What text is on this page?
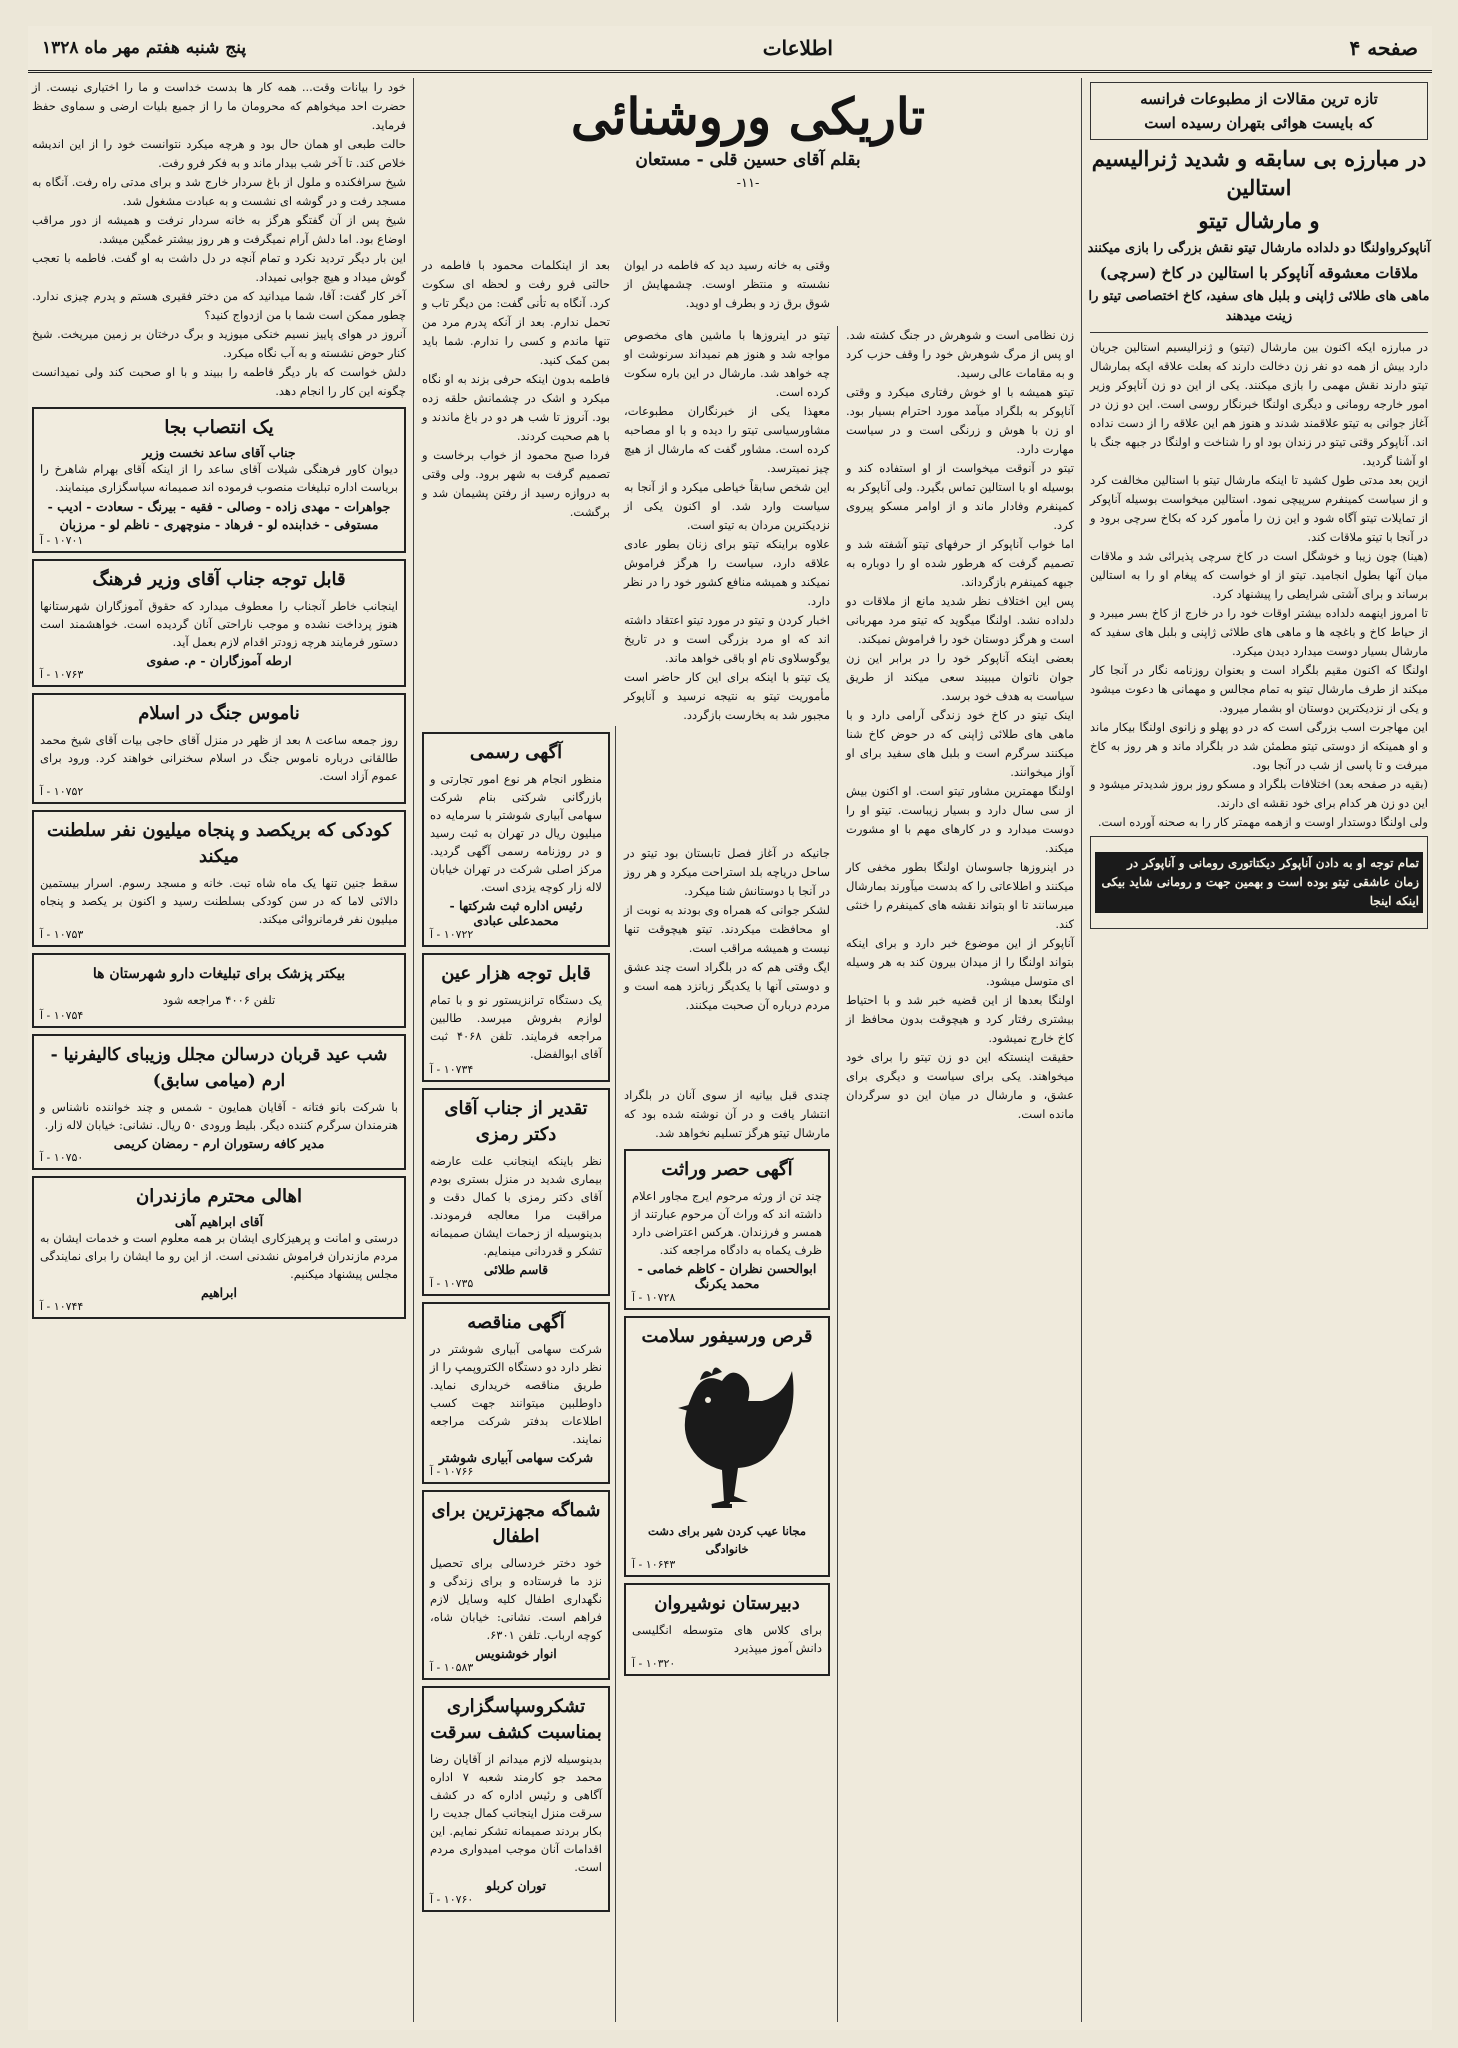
صفحه ۴
اطلاعات
پنج شنبه هفتم مهر ماه ۱۳۲۸

تازه ترین مقالات از مطبوعات فرانسه

که بایست هوائی بتهران رسیده است

در مبارزه بی سابقه و شدید ژنرالیسیم استالین

و مارشال تیتو

آناپوکرواولنگا دو دلداده مارشال تیتو نقش بزرگی را بازی میکنند

ملاقات معشوقه آناپوکر با استالین در کاخ (سرچی)

ماهی های طلائی ژاپنی و بلبل های سفید، کاخ اختصاصی تیتو را زینت میدهند

در مبارزه ایکه اکنون بین مارشال (تیتو) و ژنرالیسیم استالین جریان دارد بیش از همه دو نفر زن دخالت دارند که بعلت علاقه ایکه بمارشال تیتو دارند نقش مهمی را بازی میکنند. یکی از این دو زن آناپوکر وزیر امور خارجه رومانی و دیگری اولنگا خبرنگار روسی است. این دو زن در آغاز جوانی به تیتو علاقمند شدند و هنوز هم این علاقه را از دست نداده اند. آناپوکر وقتی تیتو در زندان بود او را شناخت و اولنگا در جبهه جنگ با او آشنا گردید.

ازین بعد مدتی طول کشید تا اینکه مارشال تیتو با استالین مخالفت کرد و از سیاست کمینفرم سرپیچی نمود. استالین میخواست بوسیله آناپوکر از تمایلات تیتو آگاه شود و این زن را مأمور کرد که بکاخ سرچی برود و در آنجا با تیتو ملاقات کند.

(هینا) چون زیبا و خوشگل است در کاخ سرچی پذیرائی شد و ملاقات میان آنها بطول انجامید. تیتو از او خواست که پیغام او را به استالین برساند و برای آشتی شرایطی را پیشنهاد کرد.

تا امروز اینهمه دلداده بیشتر اوقات خود را در خارج از کاخ بسر میبرد و از حیاط کاخ و باغچه ها و ماهی های طلائی ژاپنی و بلبل های سفید که مارشال بسیار دوست میدارد دیدن میکرد.

اولنگا که اکنون مقیم بلگراد است و بعنوان روزنامه نگار در آنجا کار میکند از طرف مارشال تیتو به تمام مجالس و مهمانی ها دعوت میشود و یکی از نزدیکترین دوستان او بشمار میرود.

این مهاجرت اسب بزرگی است که در دو پهلو و زانوی اولنگا بیکار ماند و او همینکه از دوستی تیتو مطمئن شد در بلگراد ماند و هر روز به کاخ میرفت و تا پاسی از شب در آنجا بود.

(بقیه در صفحه بعد) اختلافات بلگراد و مسکو روز بروز شدیدتر میشود و این دو زن هر کدام برای خود نقشه ای دارند.

ولی اولنگا دوستدار اوست و ازهمه مهمتر کار را به صحنه آورده است.

تمام توجه او به دادن آناپوکر دیکتاتوری رومانی و آناپوکر در زمان عاشقی تیتو بوده است و بهمین جهت و رومانی شاید بیکی اینکه اینجا

زن نظامی است و شوهرش در جنگ کشته شد. او پس از مرگ شوهرش خود را وقف حزب کرد و به مقامات عالی رسید.

تیتو همیشه با او خوش رفتاری میکرد و وقتی آناپوکر به بلگراد میآمد مورد احترام بسیار بود. او زن با هوش و زرنگی است و در سیاست مهارت دارد.

تیتو در آنوقت میخواست از او استفاده کند و بوسیله او با استالین تماس بگیرد. ولی آناپوکر به کمینفرم وفادار ماند و از اوامر مسکو پیروی کرد.

اما خواب آناپوکر از حرفهای تیتو آشفته شد و تصمیم گرفت که هرطور شده او را دوباره به جبهه کمینفرم بازگرداند.

پس این اختلاف نظر شدید مانع از ملاقات دو دلداده نشد. اولنگا میگوید که تیتو مرد مهربانی است و هرگز دوستان خود را فراموش نمیکند.

بعضی اینکه آناپوکر خود را در برابر این زن جوان ناتوان میبیند سعی میکند از طریق سیاست به هدف خود برسد.

اینک تیتو در کاخ خود زندگی آرامی دارد و با ماهی های طلائی ژاپنی که در حوض کاخ شنا میکنند سرگرم است و بلبل های سفید برای او آواز میخوانند.

اولنگا مهمترین مشاور تیتو است. او اکنون بیش از سی سال دارد و بسیار زیباست. تیتو او را دوست میدارد و در کارهای مهم با او مشورت میکند.

در اینروزها جاسوسان اولنگا بطور مخفی کار میکنند و اطلاعاتی را که بدست میآورند بمارشال میرسانند تا او بتواند نقشه های کمینفرم را خنثی کند.

آناپوکر از این موضوع خبر دارد و برای اینکه بتواند اولنگا را از میدان بیرون کند به هر وسیله ای متوسل میشود.

اولنگا بعدها از این قضیه خبر شد و با احتیاط بیشتری رفتار کرد و هیچوقت بدون محافظ از کاخ خارج نمیشود.

حقیقت اینستکه این دو زن تیتو را برای خود میخواهند. یکی برای سیاست و دیگری برای عشق، و مارشال در میان این دو سرگردان مانده است.

تیتو در اینروزها با ماشین های مخصوص مواجه شد و هنوز هم نمیداند سرنوشت او چه خواهد شد. مارشال در این باره سکوت کرده است.

معهذا یکی از خبرنگاران مطبوعات، مشاورسیاسی تیتو را دیده و با او مصاحبه کرده است. مشاور گفت که مارشال از هیچ چیز نمیترسد.

این شخص سابقاً خیاطی میکرد و از آنجا به سیاست وارد شد. او اکنون یکی از نزدیکترین مردان به تیتو است.

علاوه براینکه تیتو برای زنان بطور عادی علاقه دارد، سیاست را هرگز فراموش نمیکند و همیشه منافع کشور خود را در نظر دارد.

اخبار کردن و تیتو در مورد تیتو اعتقاد داشته اند که او مرد بزرگی است و در تاریخ یوگوسلاوی نام او باقی خواهد ماند.

یک تیتو با اینکه برای این کار حاضر است مأموریت تیتو به نتیجه نرسید و آناپوکر مجبور شد به بخارست بازگردد.

جانیکه در آغاز فصل تابستان بود تیتو در ساحل دریاچه بلد استراحت میکرد و هر روز در آنجا با دوستانش شنا میکرد.

لشکر جوانی که همراه وی بودند به نوبت از او محافظت میکردند. تیتو هیچوقت تنها نیست و همیشه مراقب است.

ایگ وقتی هم که در بلگراد است چند عشق و دوستی آنها با یکدیگر زبانزد همه است و مردم درباره آن صحبت میکنند.

تاریکی وروشنائی
بقلم آقای حسین قلی - مستعان
-۱۱-

بعد از اینکلمات محمود با فاطمه در حالتی فرو رفت و لحظه ای سکوت کرد. آنگاه به تأنی گفت: من دیگر تاب و تحمل ندارم. بعد از آنکه پدرم مرد من تنها ماندم و کسی را ندارم. شما باید بمن کمک کنید.

فاطمه بدون اینکه حرفی بزند به او نگاه میکرد و اشک در چشمانش حلقه زده بود. آنروز تا شب هر دو در باغ ماندند و با هم صحبت کردند.

فردا صبح محمود از خواب برخاست و تصمیم گرفت به شهر برود. ولی وقتی به دروازه رسید از رفتن پشیمان شد و برگشت.

وقتی به خانه رسید دید که فاطمه در ایوان نشسته و منتظر اوست. چشمهایش از شوق برق زد و بطرف او دوید.

آگهی رسمی

منظور انجام هر نوع امور تجارتی و بازرگانی شرکتی بنام شرکت سهامی آبیاری شوشتر با سرمایه ده میلیون ریال در تهران به ثبت رسید و در روزنامه رسمی آگهی گردید. مرکز اصلی شرکت در تهران خیابان لاله زار کوچه یزدی است.

رئیس اداره ثبت شرکتها - محمدعلی عبادی
۱۰۷۲۲ - آ
قابل توجه هزار عین

یک دستگاه ترانزیستور نو و با تمام لوازم بفروش میرسد. طالبین مراجعه فرمایند. تلفن ۴۰۶۸ ثبت آقای ابوالفضل.

۱۰۷۳۴ - آ
تقدیر از جناب آقای دکتر رمزی

نظر باینکه اینجانب علت عارضه بیماری شدید در منزل بستری بودم آقای دکتر رمزی با کمال دقت و مراقبت مرا معالجه فرمودند. بدینوسیله از زحمات ایشان صمیمانه تشکر و قدردانی مینمایم.

قاسم طلائی
۱۰۷۳۵ - آ
آگهی مناقصه

شرکت سهامی آبیاری شوشتر در نظر دارد دو دستگاه الکتروپمپ را از طریق مناقصه خریداری نماید. داوطلبین میتوانند جهت کسب اطلاعات بدفتر شرکت مراجعه نمایند.

شرکت سهامی آبیاری شوشتر
۱۰۷۶۶ - آ
شماگه مجهزترین برای اطفال

خود دختر خردسالی برای تحصیل نزد ما فرستاده و برای زندگی و نگهداری اطفال کلیه وسایل لازم فراهم است. نشانی: خیابان شاه، کوچه ارباب. تلفن ۶۳۰۱.

انوار خوشنویس
۱۰۵۸۳ - آ
تشکروسپاسگزاری بمناسبت کشف سرقت

بدینوسیله لازم میدانم از آقایان رضا محمد جو کارمند شعبه ۷ اداره آگاهی و رئیس اداره که در کشف سرقت منزل اینجانب کمال جدیت را بکار بردند صمیمانه تشکر نمایم. این اقدامات آنان موجب امیدواری مردم است.

توران کربلو
۱۰۷۶۰ - آ

چندی قبل بیانیه از سوی آنان در بلگراد انتشار یافت و در آن نوشته شده بود که مارشال تیتو هرگز تسلیم نخواهد شد.

آگهی حصر وراثت

چند تن از ورثه مرحوم ایرج مجاور اعلام داشته اند که وراث آن مرحوم عبارتند از همسر و فرزندان. هرکس اعتراضی دارد ظرف یکماه به دادگاه مراجعه کند.

ابوالحسن نظران - کاظم خمامی - محمد یکرنگ
۱۰۷۲۸ - آ
قرص ورسیفور سلامت

مجانا عیب کردن شیر برای دشت خانوادگی

۱۰۶۴۳ - آ
دبیرستان نوشیروان

برای کلاس های متوسطه انگلیسی دانش آموز میپذیرد

۱۰۳۲۰ - آ

خود را بیانات وقت... همه کار ها بدست خداست و ما را اختیاری نیست. از حضرت احد میخواهم که محرومان ما را از جمیع بلیات ارضی و سماوی حفظ فرماید.

حالت طبعی او همان حال بود و هرچه میکرد نتوانست خود را از این اندیشه خلاص کند. تا آخر شب بیدار ماند و به فکر فرو رفت.

شیخ سرافکنده و ملول از باغ سردار خارج شد و برای مدتی راه رفت. آنگاه به مسجد رفت و در گوشه ای نشست و به عبادت مشغول شد.

شیخ پس از آن گفتگو هرگز به خانه سردار نرفت و همیشه از دور مراقب اوضاع بود. اما دلش آرام نمیگرفت و هر روز بیشتر غمگین میشد.

این بار دیگر تردید نکرد و تمام آنچه در دل داشت به او گفت. فاطمه با تعجب گوش میداد و هیچ جوابی نمیداد.

آخر کار گفت: آقا، شما میدانید که من دختر فقیری هستم و پدرم چیزی ندارد. چطور ممکن است شما با من ازدواج کنید؟

آنروز در هوای پاییز نسیم خنکی میوزید و برگ درختان بر زمین میریخت. شیخ کنار حوض نشسته و به آب نگاه میکرد.

دلش خواست که بار دیگر فاطمه را ببیند و با او صحبت کند ولی نمیدانست چگونه این کار را انجام دهد.

یک انتصاب بجا
جناب آقای ساعد نخست وزیر

دیوان کاور فرهنگی شیلات آقای ساعد را از اینکه آقای بهرام شاهرخ را بریاست اداره تبلیغات منصوب فرموده اند صمیمانه سپاسگزاری مینمایند.

جواهرات - مهدی زاده - وصالی - فقیه - بیرنگ - سعادت - ادیب - مستوفی - خدابنده لو - فرهاد - منوچهری - ناظم لو - مرزبان

۱۰۷۰۱ - آ
قابل توجه جناب آقای وزیر فرهنگ

اینجانب خاطر آنجناب را معطوف میدارد که حقوق آموزگاران شهرستانها هنوز پرداخت نشده و موجب ناراحتی آنان گردیده است. خواهشمند است دستور فرمایند هرچه زودتر اقدام لازم بعمل آید.

ارطه آموزگاران - م. صفوی
۱۰۷۶۳ - آ
ناموس جنگ در اسلام

روز جمعه ساعت ۸ بعد از ظهر در منزل آقای حاجی بیات آقای شیخ محمد طالقانی درباره ناموس جنگ در اسلام سخنرانی خواهند کرد. ورود برای عموم آزاد است.

۱۰۷۵۲ - آ
کودکی که بریکصد و پنجاه میلیون نفر سلطنت میکند

سقط جنین تنها یک ماه شاه تبت. خانه و مسجد رسوم. اسرار بیستمین دالائی لاما که در سن کودکی بسلطنت رسید و اکنون بر یکصد و پنجاه میلیون نفر فرمانروائی میکند.

۱۰۷۵۳ - آ
بیکتر پزشک برای تبلیغات دارو شهرستان ها

تلفن ۴۰۰۶ مراجعه شود

۱۰۷۵۴ - آ
شب عید قربان درسالن مجلل وزیبای کالیفرنیا - ارم (میامی سابق)

با شرکت بانو فتانه - آقایان همایون - شمس و چند خواننده ناشناس و هنرمندان سرگرم کننده دیگر. بلیط ورودی ۵۰ ریال. نشانی: خیابان لاله زار.

مدیر کافه رستوران ارم - رمضان کریمی
۱۰۷۵۰ - آ
اهالی محترم مازندران
آقای ابراهیم آهی

درستی و امانت و پرهیزکاری ایشان بر همه معلوم است و خدمات ایشان به مردم مازندران فراموش نشدنی است. از این رو ما ایشان را برای نمایندگی مجلس پیشنهاد میکنیم.

ابراهیم
۱۰۷۴۴ - آ
